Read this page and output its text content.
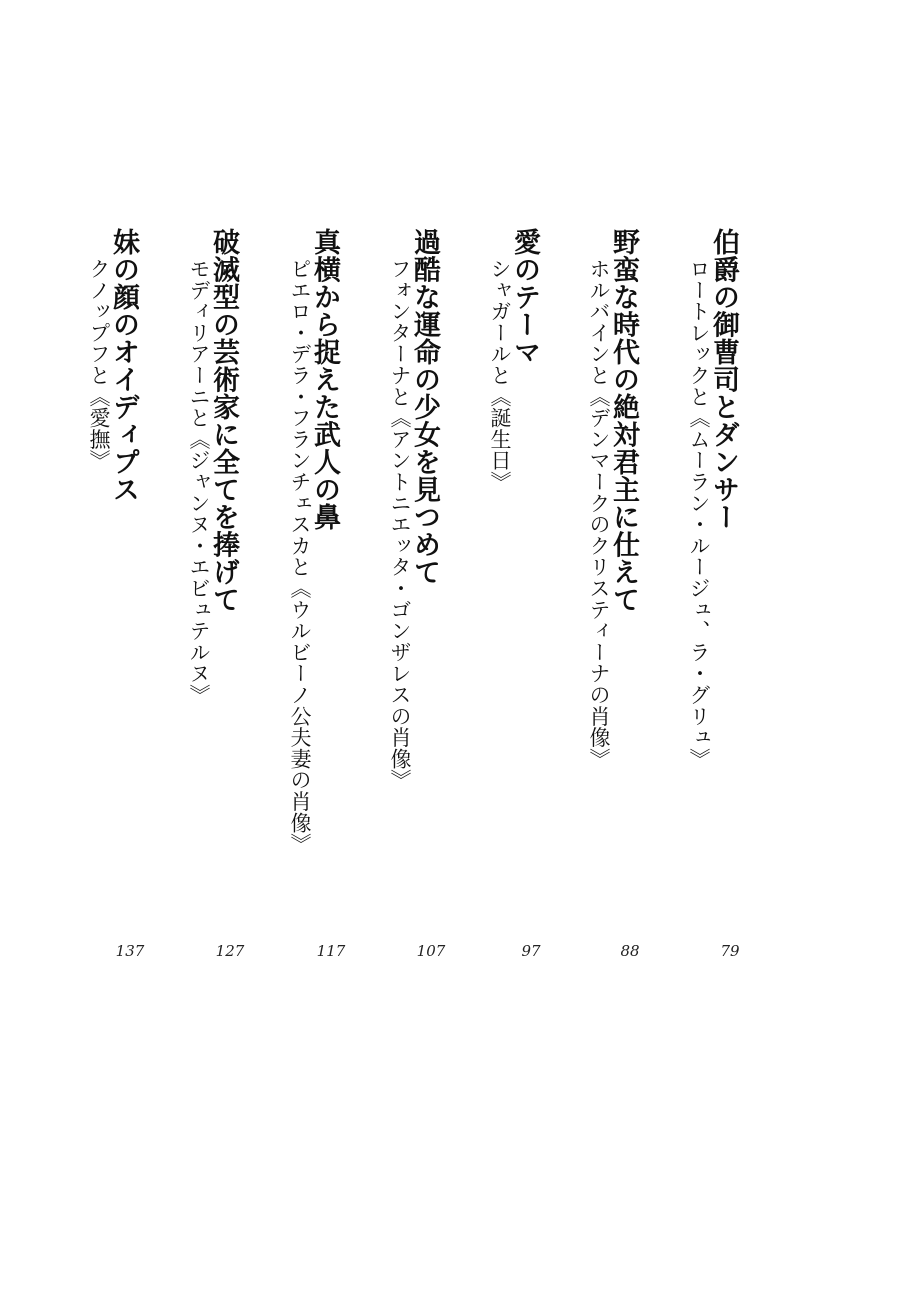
伯爵の御曹司とダンサー
ロートレックと《ムーラン・ルージュ、ラ・グリュ》
79
野蛮な時代の絶対君主に仕えて
ホルバインと《デンマークのクリスティーナの肖像》
88
愛のテーマ
シャガールと《誕生日》
97
過酷な運命の少女を見つめて
フォンターナと《アントニエッタ・ゴンザレスの肖像》
107
真横から捉えた武人の鼻
ピエロ・デラ・フランチェスカと《ウルビーノ公夫妻の肖像》
117
破滅型の芸術家に全てを捧げて
モディリアーニと《ジャンヌ・エビュテルヌ》
127
妹の顔のオイディプス
クノップフと《愛撫》
137
